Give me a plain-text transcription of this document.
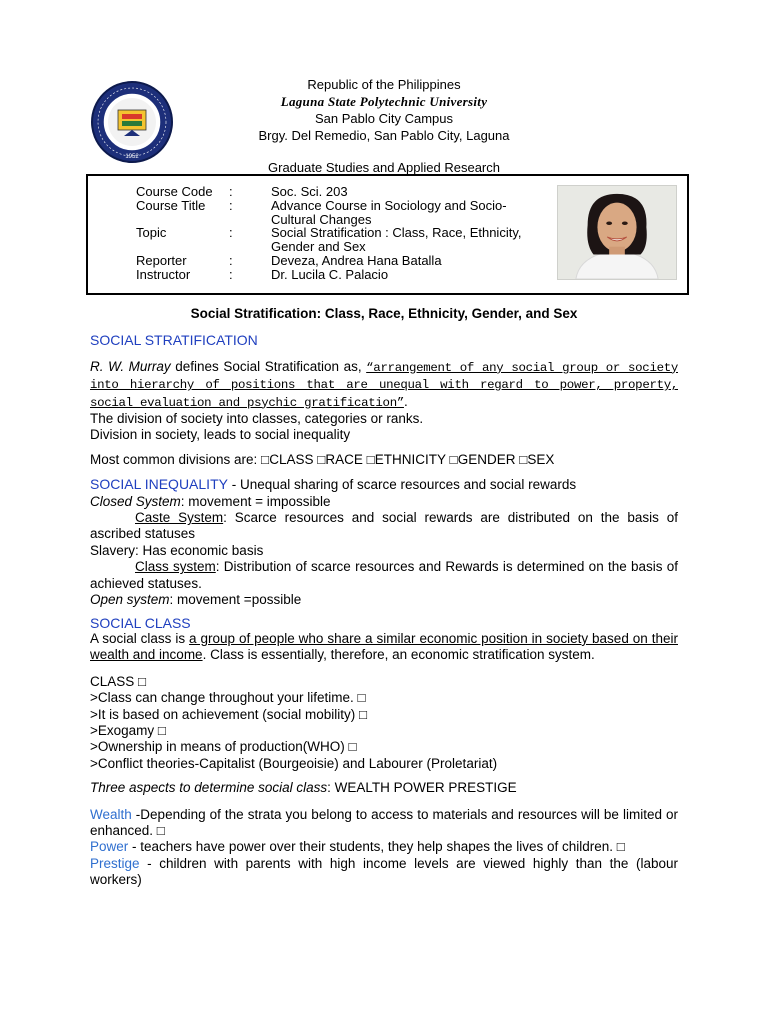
Republic of the Philippines
Laguna State Polytechnic University
San Pablo City Campus
Brgy. Del Remedio, San Pablo City, Laguna
Graduate Studies and Applied Research
1952
Course Code	:	Soc. Sci. 203
Course Title	:	Advance Course in Sociology and Socio-Cultural Changes
Topic	:	Social Stratification : Class, Race, Ethnicity, Gender and Sex
Reporter	:	Deveza, Andrea Hana Batalla
Instructor	:	Dr. Lucila C. Palacio
Social Stratification: Class, Race, Ethnicity, Gender, and Sex
SOCIAL STRATIFICATION
R. W. Murray defines Social Stratification as, “arrangement of any social group or society into hierarchy of positions that are unequal with regard to power, property, social evaluation and psychic gratification”.
The division of society into classes, categories or ranks.
Division in society, leads to social inequality
Most common divisions are: □CLASS □RACE □ETHNICITY □GENDER □SEX
SOCIAL INEQUALITY - Unequal sharing of scarce resources and social rewards
Closed System: movement = impossible
Caste System: Scarce resources and social rewards are distributed on the basis of ascribed statuses
Slavery: Has economic basis
Class system: Distribution of scarce resources and Rewards is determined on the basis of achieved statuses.
Open system: movement =possible
SOCIAL CLASS
A social class is a group of people who share a similar economic position in society based on their wealth and income. Class is essentially, therefore, an economic stratification system.
CLASS □
>Class can change throughout your lifetime. □
>It is based on achievement (social mobility) □
>Exogamy □
>Ownership in means of production(WHO) □
>Conflict theories-Capitalist (Bourgeoisie) and Labourer (Proletariat)
Three aspects to determine social class: WEALTH POWER PRESTIGE
Wealth -Depending of the strata you belong to access to materials and resources will be limited or enhanced. □
Power - teachers have power over their students, they help shapes the lives of children. □
Prestige - children with parents with high income levels are viewed highly than the (labour workers)
